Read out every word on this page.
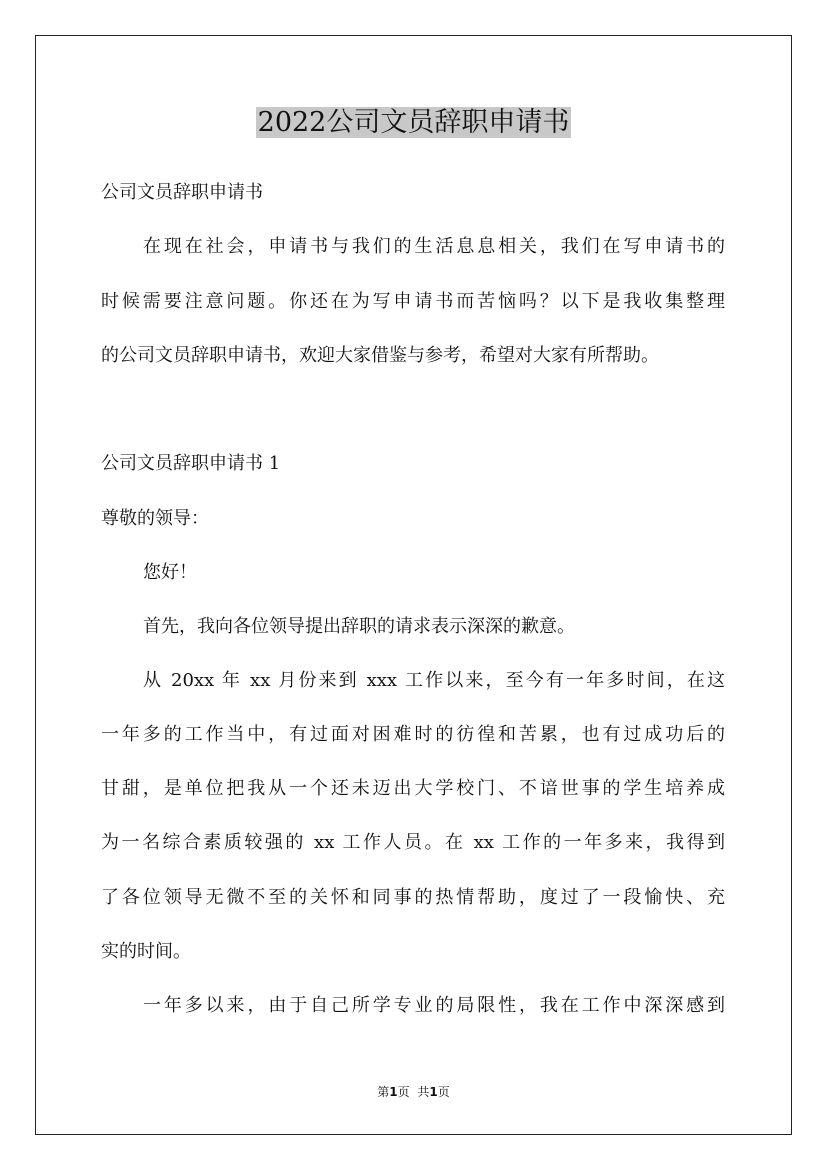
2022公司文员辞职申请书
公司文员辞职申请书
在现在社会，申请书与我们的生活息息相关，我们在写申请书的
时候需要注意问题。你还在为写申请书而苦恼吗？以下是我收集整理
的公司文员辞职申请书，欢迎大家借鉴与参考，希望对大家有所帮助。
公司文员辞职申请书 1
尊敬的领导：
您好！
首先，我向各位领导提出辞职的请求表示深深的歉意。
从 20xx 年 xx 月份来到 xxx 工作以来，至今有一年多时间，在这
一年多的工作当中，有过面对困难时的彷徨和苦累，也有过成功后的
甘甜，是单位把我从一个还未迈出大学校门、不谙世事的学生培养成
为一名综合素质较强的 xx 工作人员。在 xx 工作的一年多来，我得到
了各位领导无微不至的关怀和同事的热情帮助，度过了一段愉快、充
实的时间。
一年多以来，由于自己所学专业的局限性，我在工作中深深感到
第1页 共1页
